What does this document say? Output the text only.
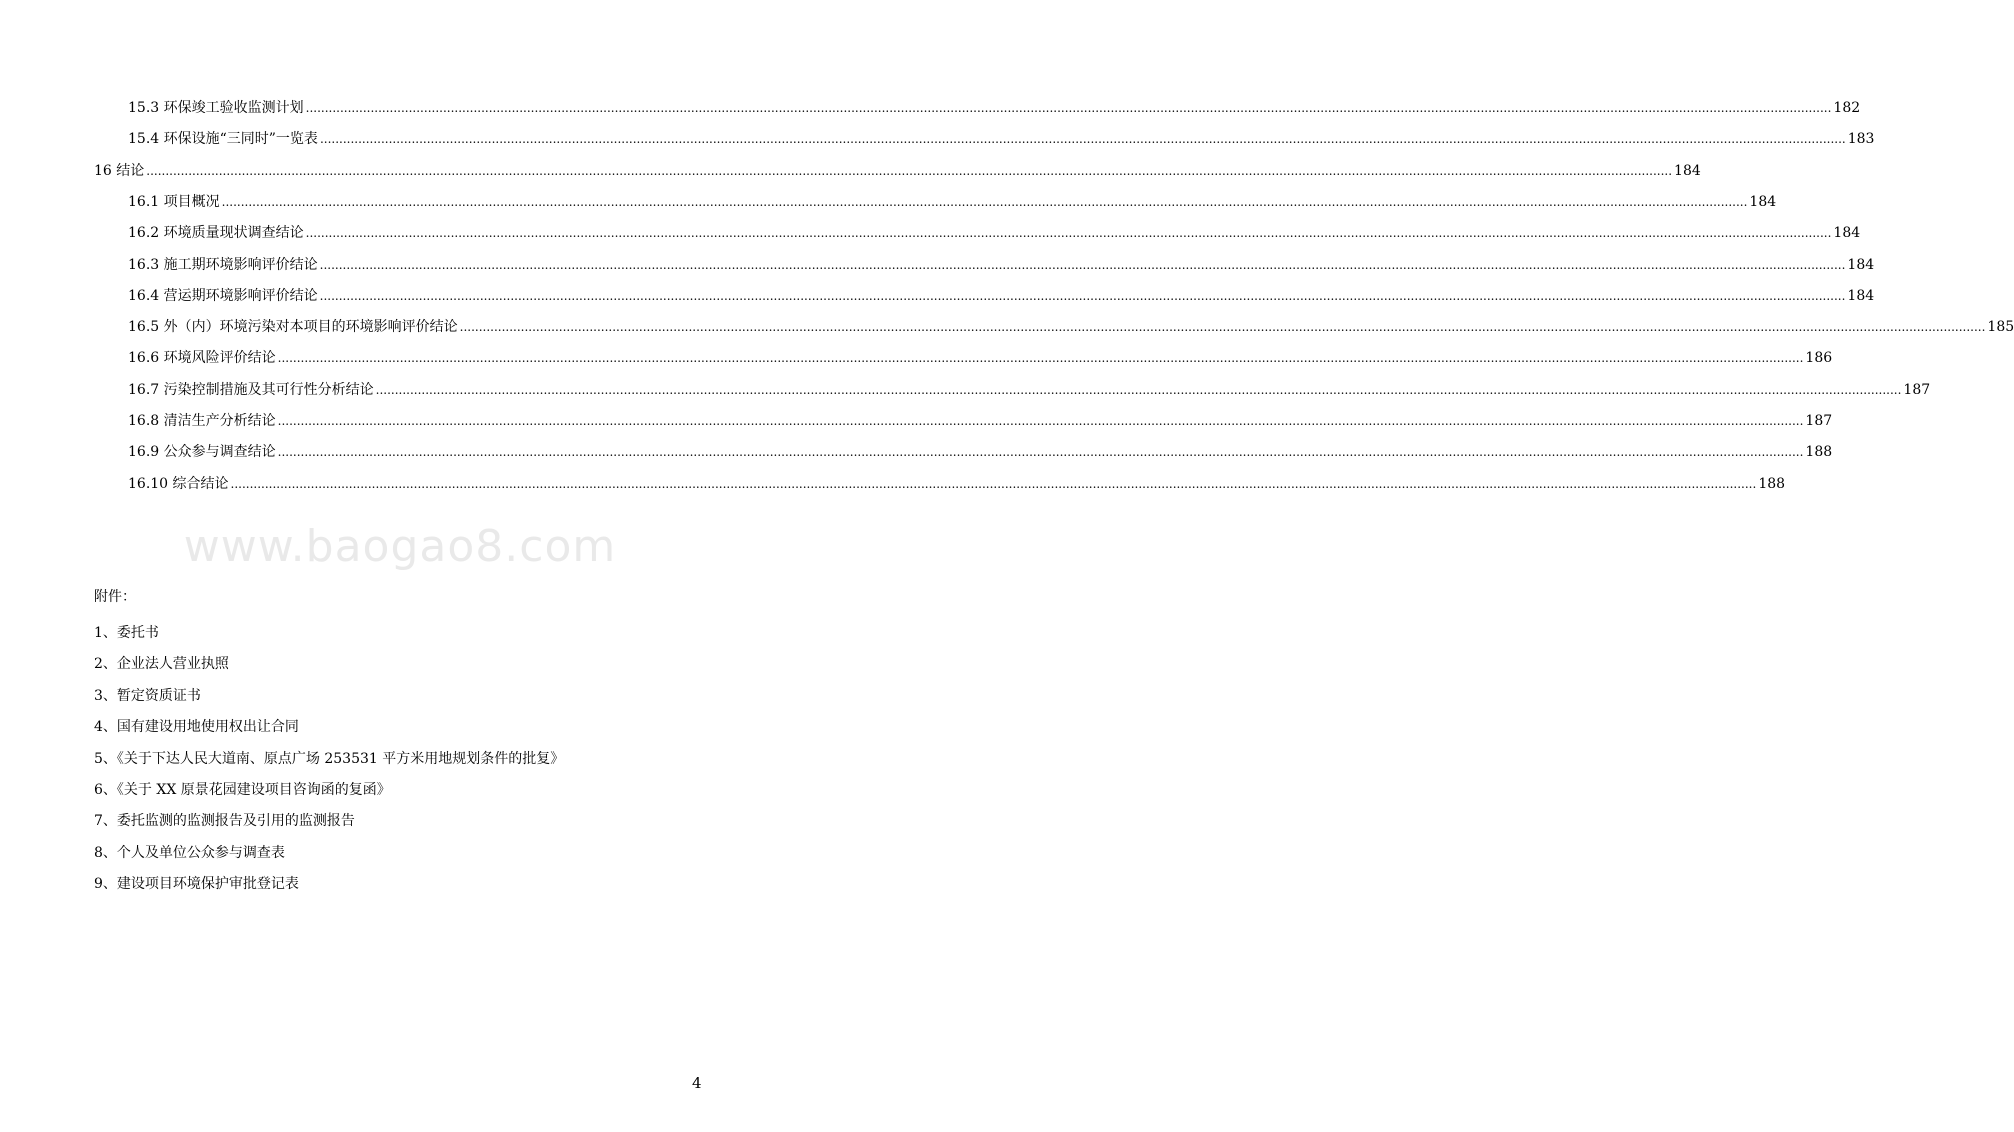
15.3 环保竣工验收监测计划 ................................................................................................................................................................................................................................................................................................................................................................................................................ 182
15.4 环保设施“三同时”一览表 ................................................................................................................................................................................................................................................................................................................................................................................................................ 183
16 结论 ................................................................................................................................................................................................................................................................................................................................................................................................................ 184
16.1 项目概况 ................................................................................................................................................................................................................................................................................................................................................................................................................ 184
16.2 环境质量现状调查结论 ................................................................................................................................................................................................................................................................................................................................................................................................................ 184
16.3 施工期环境影响评价结论 ................................................................................................................................................................................................................................................................................................................................................................................................................ 184
16.4 营运期环境影响评价结论 ................................................................................................................................................................................................................................................................................................................................................................................................................ 184
16.5 外（内）环境污染对本项目的环境影响评价结论 ................................................................................................................................................................................................................................................................................................................................................................................................................ 185
16.6 环境风险评价结论 ................................................................................................................................................................................................................................................................................................................................................................................................................ 186
16.7 污染控制措施及其可行性分析结论 ................................................................................................................................................................................................................................................................................................................................................................................................................ 187
16.8 清洁生产分析结论 ................................................................................................................................................................................................................................................................................................................................................................................................................ 187
16.9 公众参与调查结论 ................................................................................................................................................................................................................................................................................................................................................................................................................ 188
16.10 综合结论 ................................................................................................................................................................................................................................................................................................................................................................................................................ 188
www.baogao8.com
附件：
1、委托书
2、企业法人营业执照
3、暂定资质证书
4、国有建设用地使用权出让合同
5、《关于下达人民大道南、原点广场 253531 平方米用地规划条件的批复》
6、《关于 XX 原景花园建设项目咨询函的复函》
7、委托监测的监测报告及引用的监测报告
8、个人及单位公众参与调查表
9、建设项目环境保护审批登记表
4
